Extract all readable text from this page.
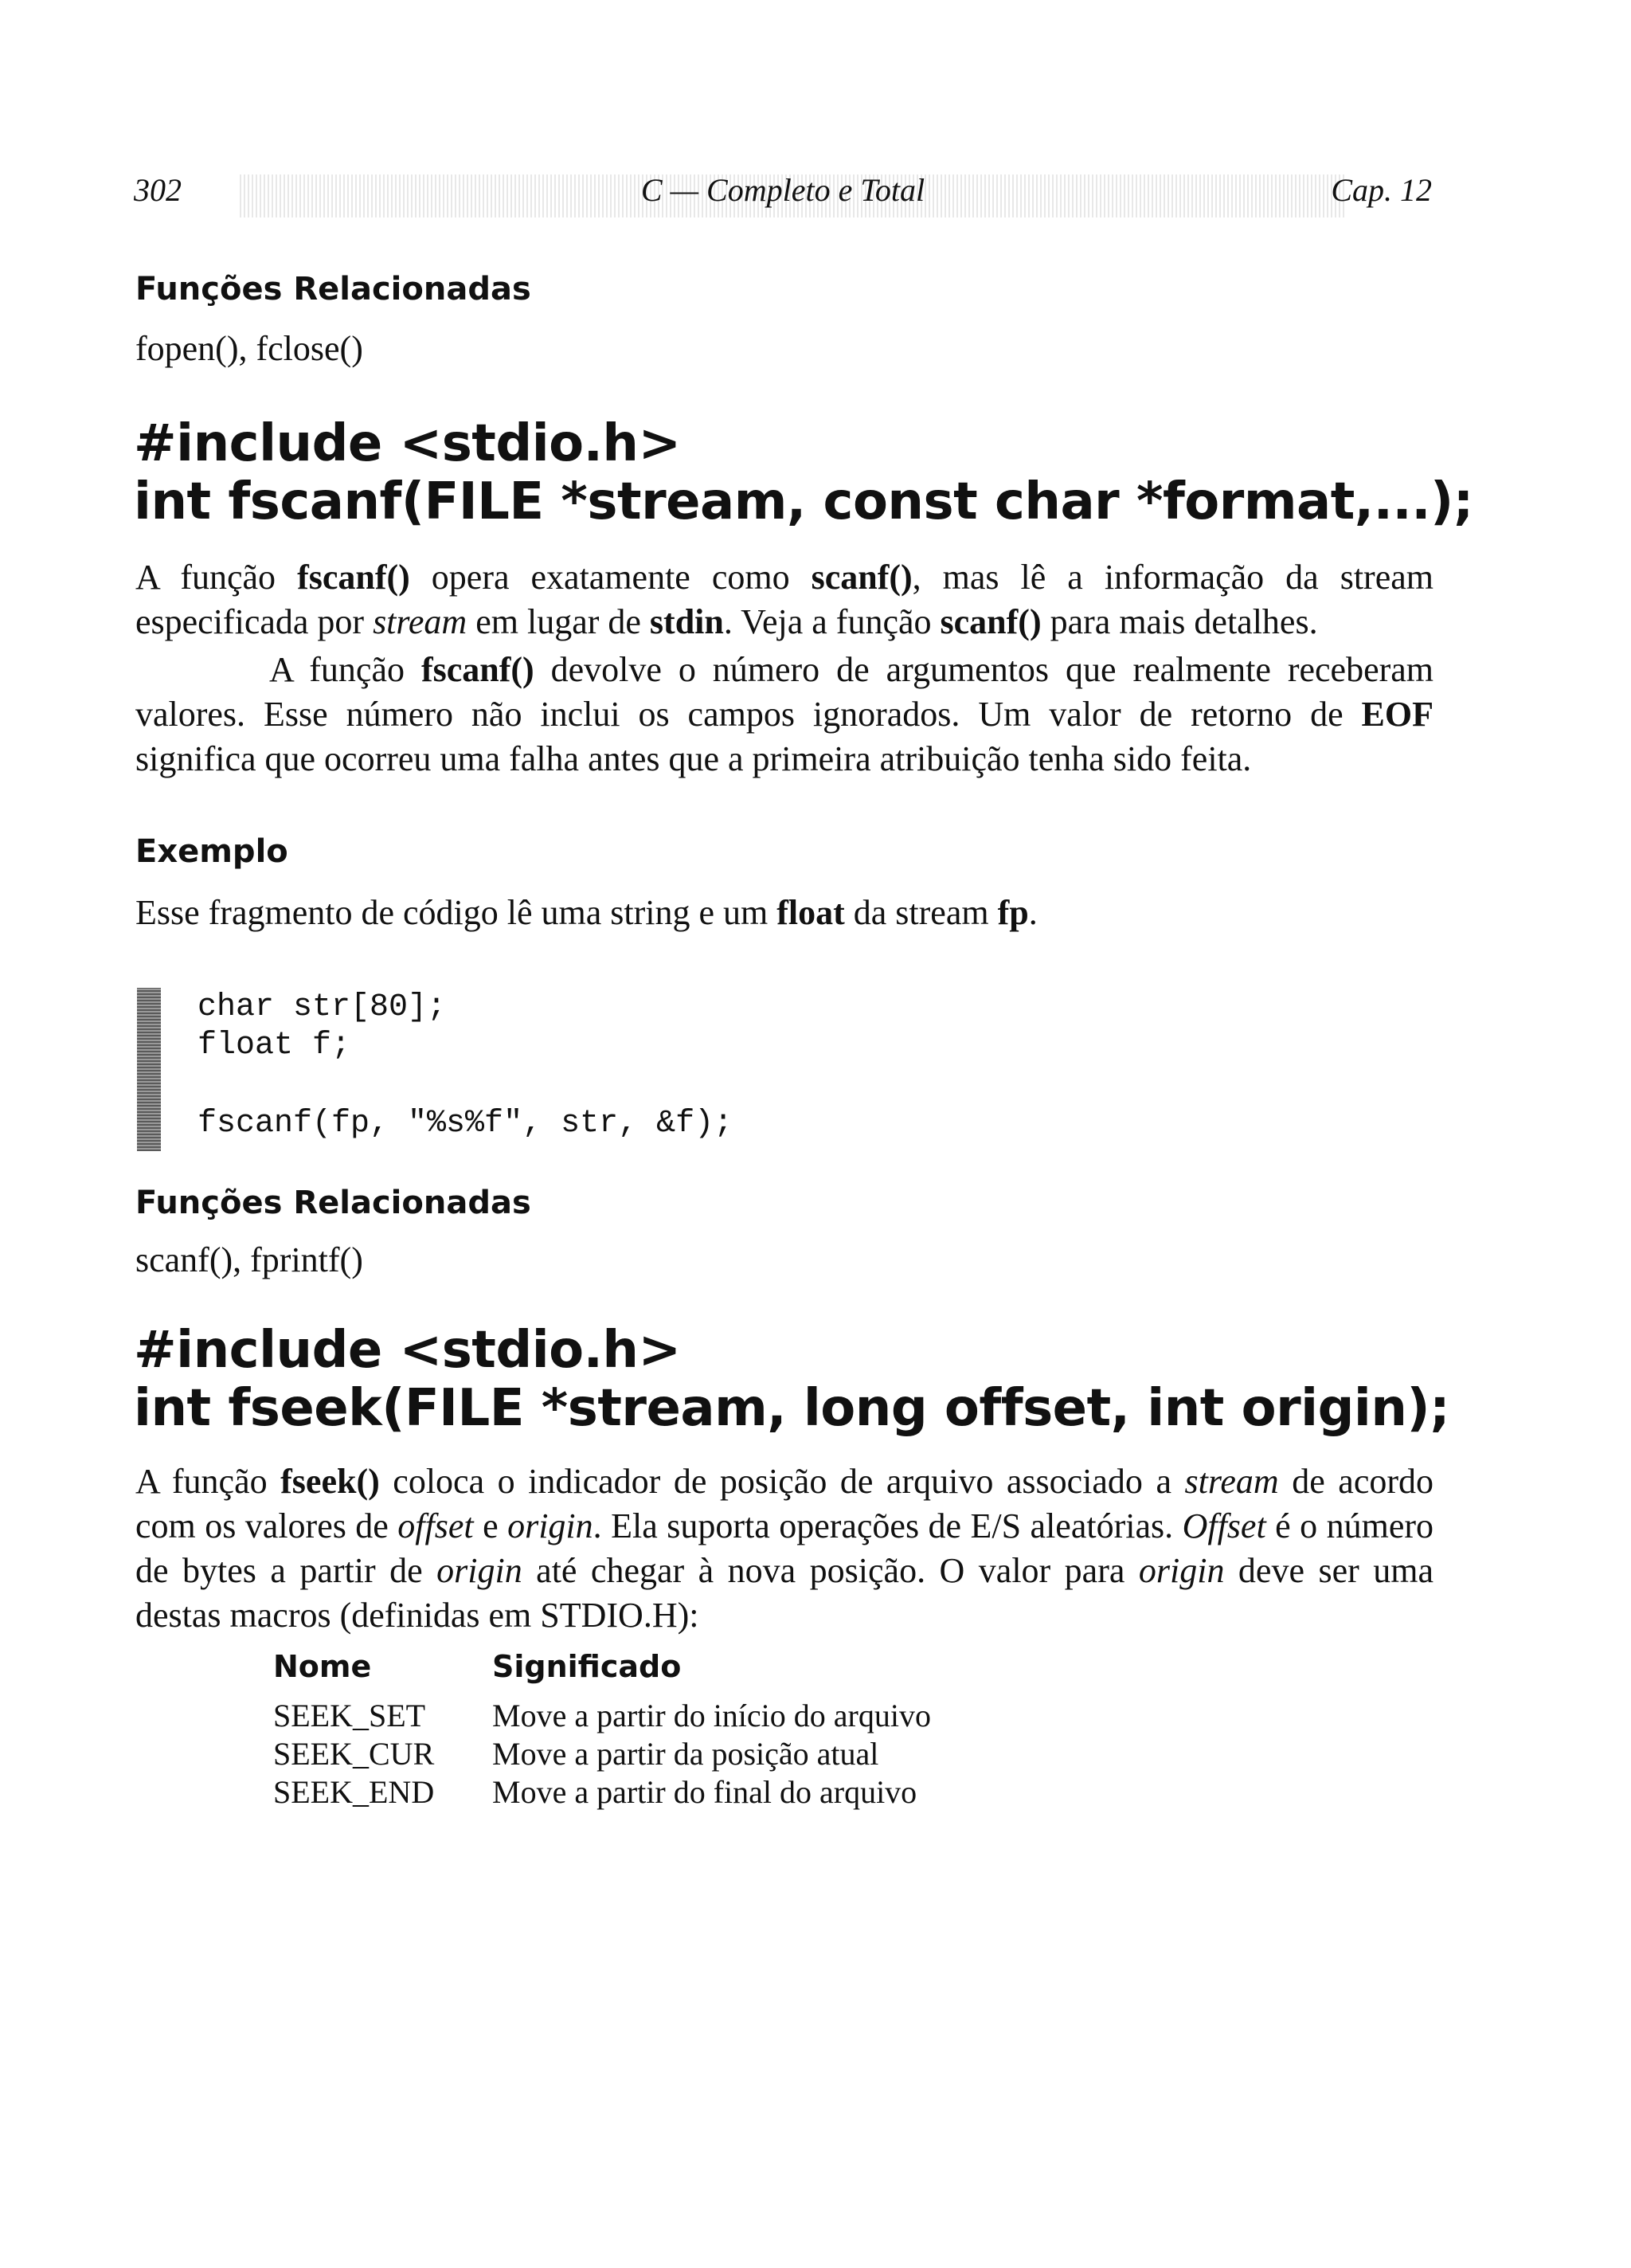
302	C — Completo e Total	Cap. 12
Funções Relacionadas
fopen(), fclose()
#include <stdio.h>
int fscanf(FILE *stream, const char *format,...);
A função fscanf() opera exatamente como scanf(), mas lê a informação da stream especificada por stream em lugar de stdin. Veja a função scanf() para mais detalhes.
A função fscanf() devolve o número de argumentos que realmente receberam valores. Esse número não inclui os campos ignorados. Um valor de retorno de EOF significa que ocorreu uma falha antes que a primeira atribuição tenha sido feita.
Exemplo
Esse fragmento de código lê uma string e um float da stream fp.
char str[80];
float f;
fscanf(fp, "%s%f", str, &f);
Funções Relacionadas
scanf(), fprintf()
#include <stdio.h>
int fseek(FILE *stream, long offset, int origin);
A função fseek() coloca o indicador de posição de arquivo associado a stream de acordo com os valores de offset e origin. Ela suporta operações de E/S aleatórias. Offset é o número de bytes a partir de origin até chegar à nova posição. O valor para origin deve ser uma destas macros (definidas em STDIO.H):
Nome	Significado
SEEK_SET Move a partir do início do arquivo
SEEK_CUR Move a partir da posição atual
SEEK_END Move a partir do final do arquivo
